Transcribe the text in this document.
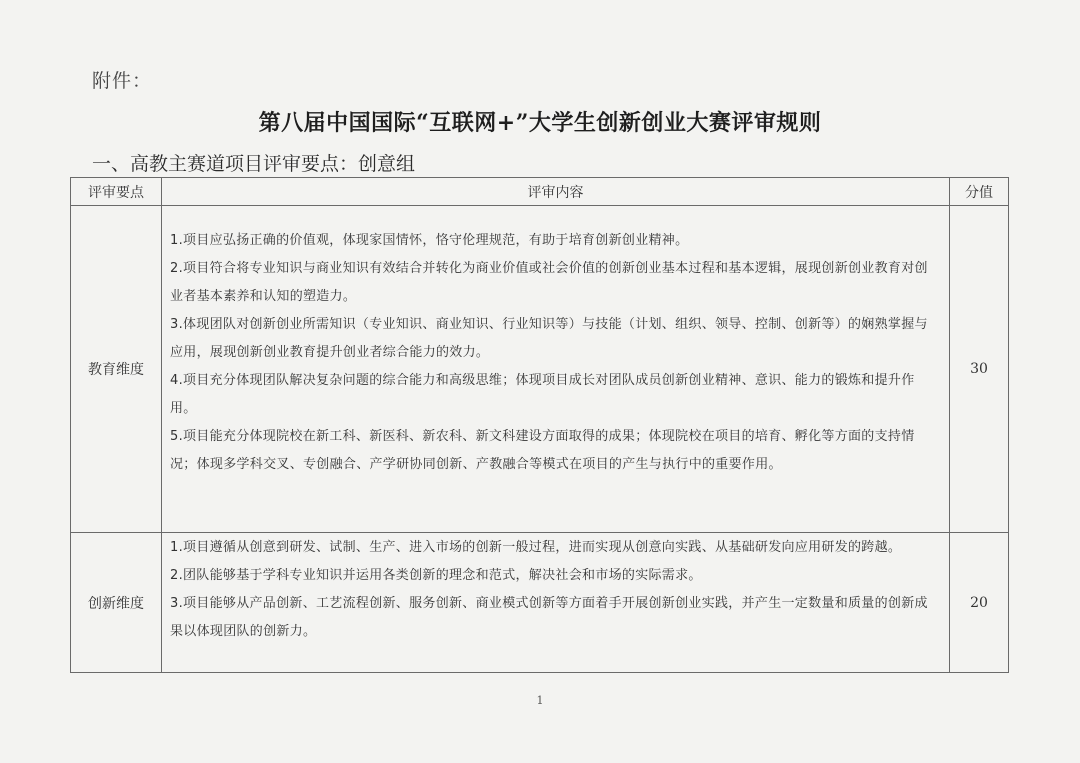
附件：
第八届中国国际“互联网+”大学生创新创业大赛评审规则
一、高教主赛道项目评审要点：创意组
评审要点	评审内容	分值
教育维度	1.项目应弘扬正确的价值观，体现家国情怀，恪守伦理规范，有助于培育创新创业精神。
2.项目符合将专业知识与商业知识有效结合并转化为商业价值或社会价值的创新创业基本过程和基本逻辑，展现创新创业教育对创业者基本素养和认知的塑造力。
3.体现团队对创新创业所需知识（专业知识、商业知识、行业知识等）与技能（计划、组织、领导、控制、创新等）的娴熟掌握与应用，展现创新创业教育提升创业者综合能力的效力。
4.项目充分体现团队解决复杂问题的综合能力和高级思维；体现项目成长对团队成员创新创业精神、意识、能力的锻炼和提升作用。
5.项目能充分体现院校在新工科、新医科、新农科、新文科建设方面取得的成果；体现院校在项目的培育、孵化等方面的支持情况；体现多学科交叉、专创融合、产学研协同创新、产教融合等模式在项目的产生与执行中的重要作用。	30
创新维度	1.项目遵循从创意到研发、试制、生产、进入市场的创新一般过程，进而实现从创意向实践、从基础研发向应用研发的跨越。
2.团队能够基于学科专业知识并运用各类创新的理念和范式，解决社会和市场的实际需求。
3.项目能够从产品创新、工艺流程创新、服务创新、商业模式创新等方面着手开展创新创业实践，并产生一定数量和质量的创新成果以体现团队的创新力。	20
1
